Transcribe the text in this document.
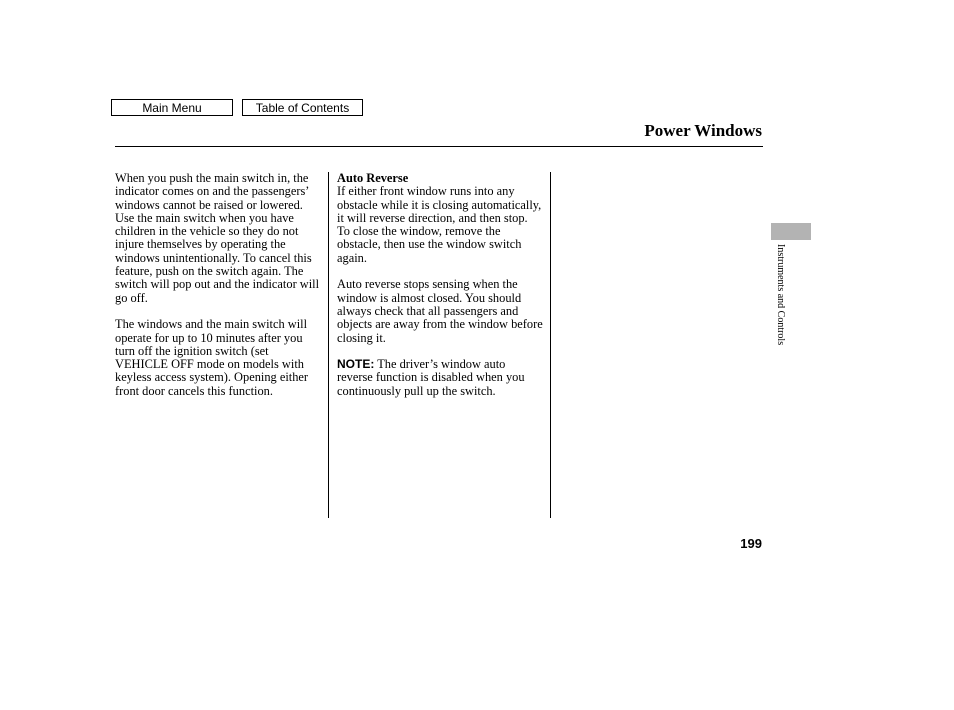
Main Menu	Table of Contents
Power Windows

When you push the main switch in, the indicator comes on and the passengers’ windows cannot be raised or lowered. Use the main switch when you have children in the vehicle so they do not injure themselves by operating the windows unintentionally. To cancel this feature, push on the switch again. The switch will pop out and the indicator will go off.

The windows and the main switch will operate for up to 10 minutes after you turn off the ignition switch (set VEHICLE OFF mode on models with keyless access system). Opening either front door cancels this function.

Auto Reverse

If either front window runs into any obstacle while it is closing automatically, it will reverse direction, and then stop. To close the window, remove the obstacle, then use the window switch again.

Auto reverse stops sensing when the window is almost closed. You should always check that all passengers and objects are away from the window before closing it.

NOTE: The driver’s window auto reverse function is disabled when you continuously pull up the switch.

Instruments and Controls
199
